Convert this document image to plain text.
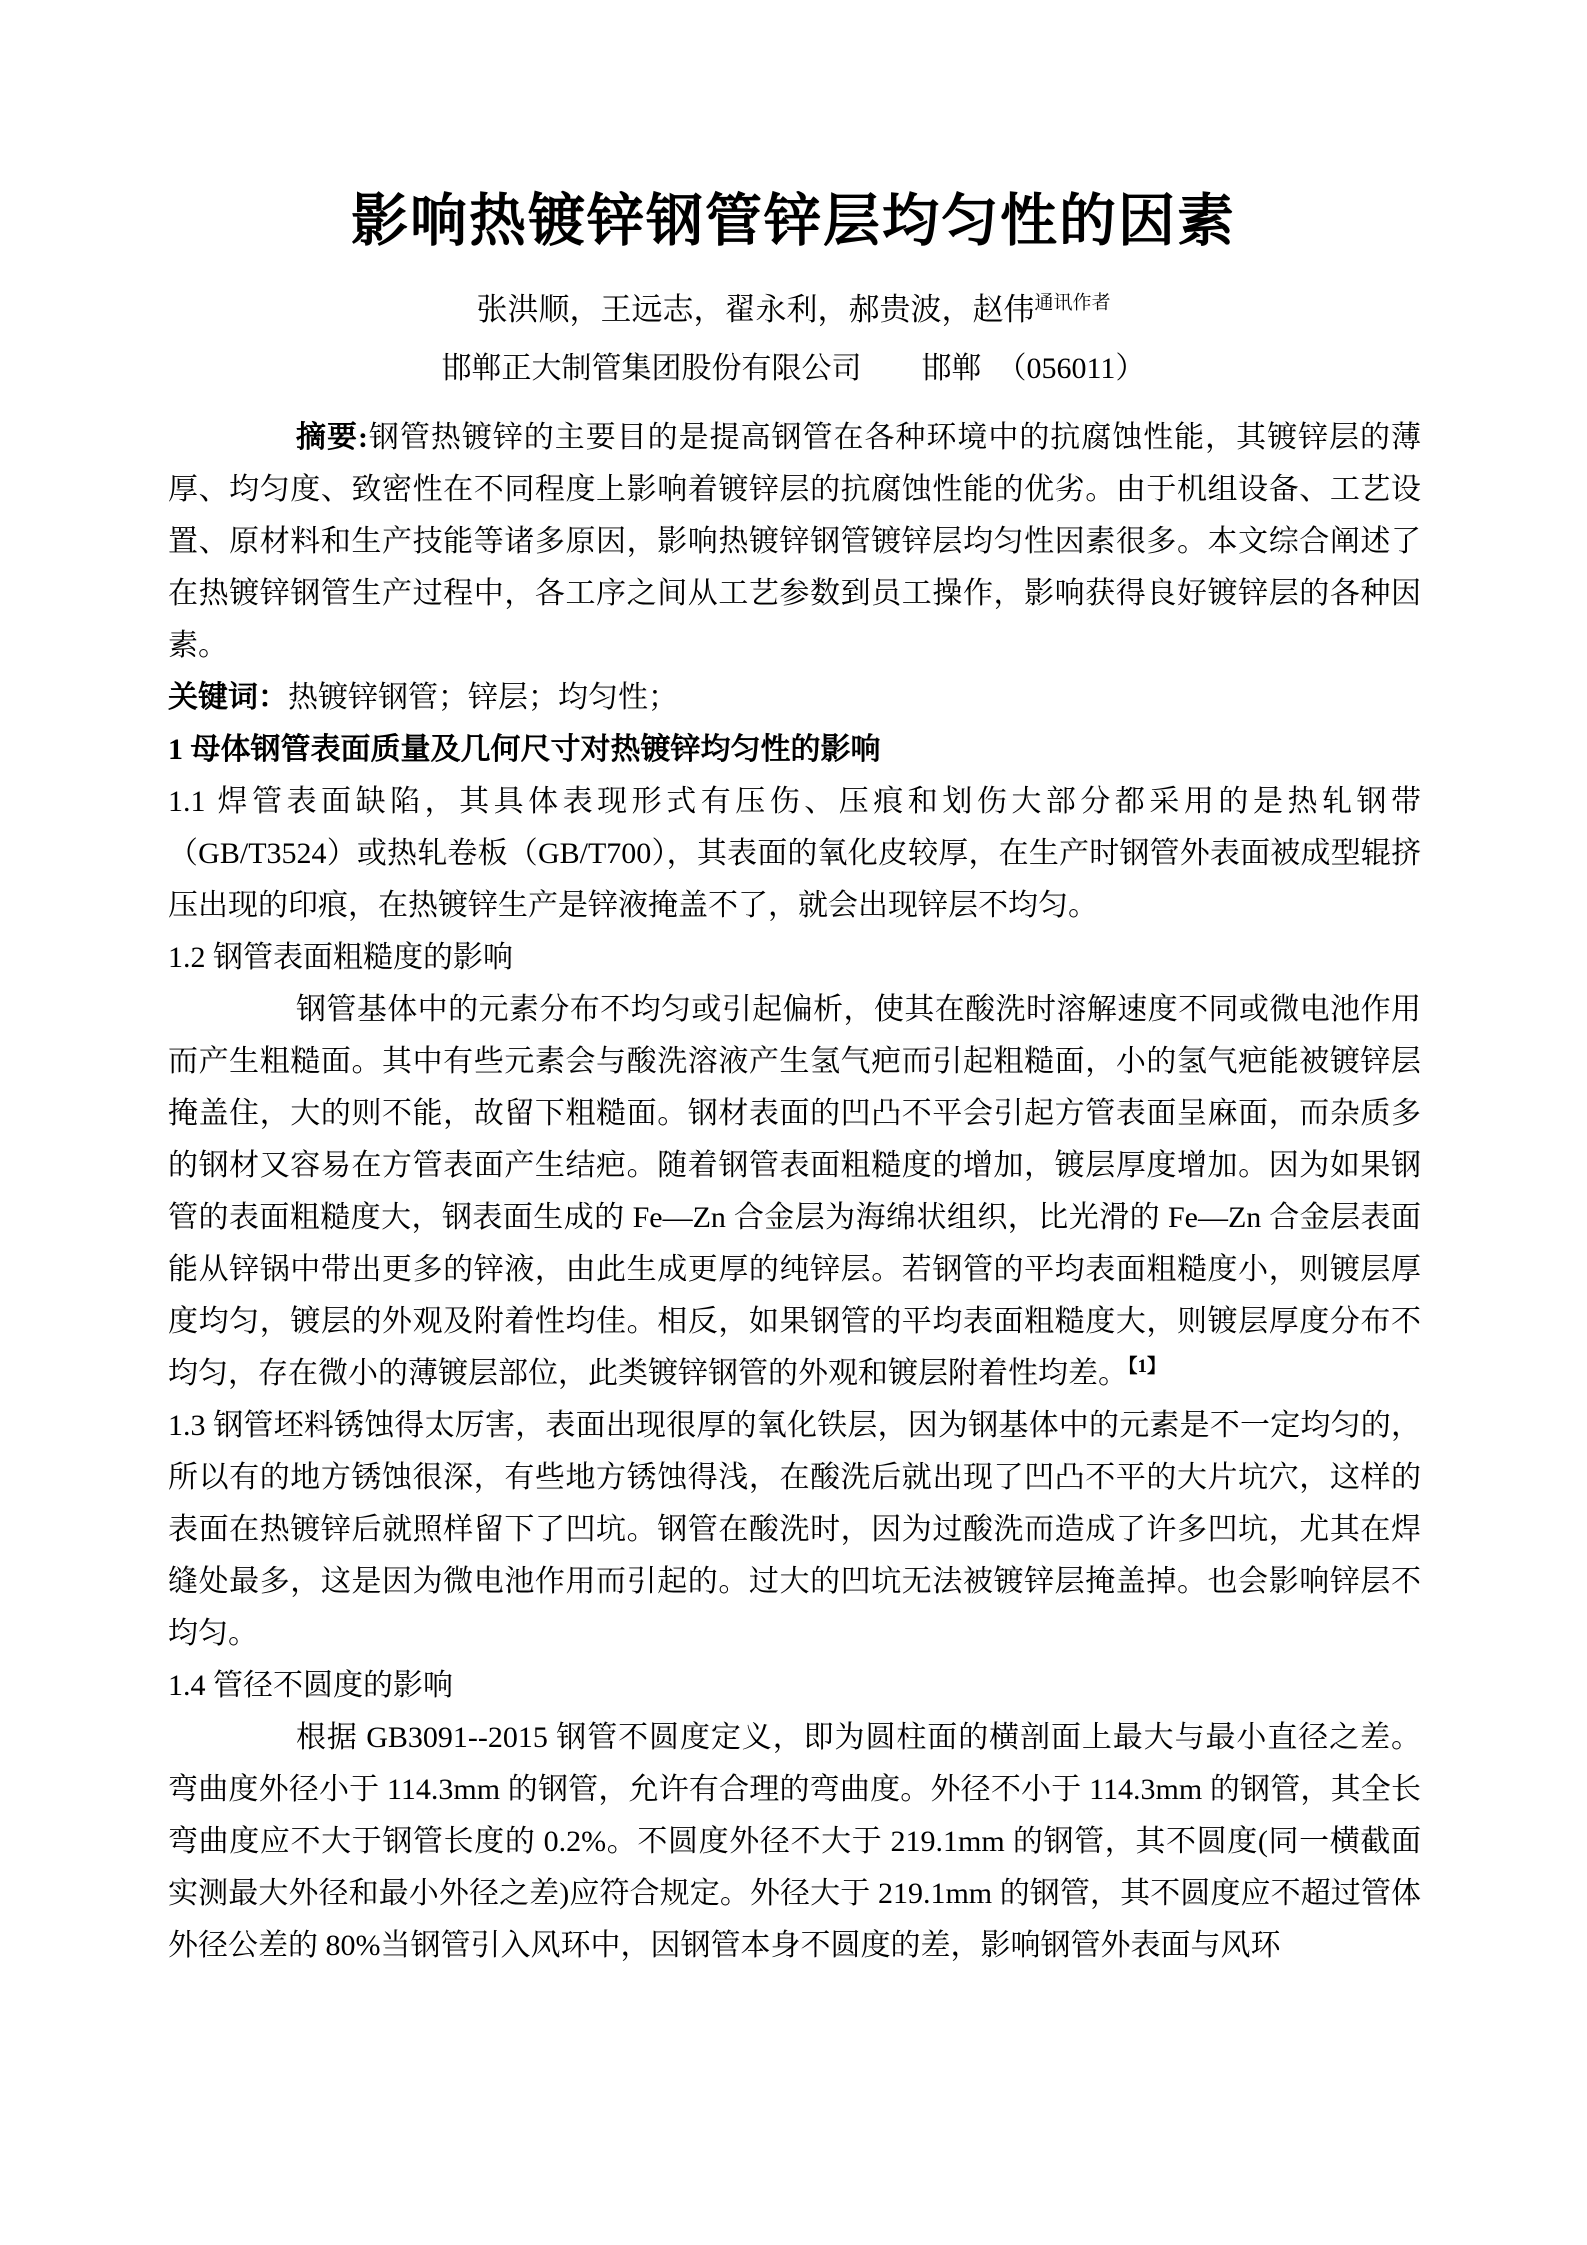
影响热镀锌钢管锌层均匀性的因素
张洪顺，王远志，翟永利，郝贵波，赵伟$^{通讯作者}$
邯郸正大制管集团股份有限公司　　邯郸　（056011）

摘要:钢管热镀锌的主要目的是提高钢管在各种环境中的抗腐蚀性能，其镀锌层的薄厚、均匀度、致密性在不同程度上影响着镀锌层的抗腐蚀性能的优劣。由于机组设备、工艺设置、原材料和生产技能等诸多原因，影响热镀锌钢管镀锌层均匀性因素很多。本文综合阐述了在热镀锌钢管生产过程中，各工序之间从工艺参数到员工操作，影响获得良好镀锌层的各种因素。

关键词：热镀锌钢管；锌层；均匀性；

1 母体钢管表面质量及几何尺寸对热镀锌均匀性的影响

1.1 焊管表面缺陷，其具体表现形式有压伤、压痕和划伤大部分都采用的是热轧钢带（GB/T3524）或热轧卷板（GB/T700），其表面的氧化皮较厚，在生产时钢管外表面被成型辊挤压出现的印痕，在热镀锌生产是锌液掩盖不了，就会出现锌层不均匀。

1.2 钢管表面粗糙度的影响

钢管基体中的元素分布不均匀或引起偏析，使其在酸洗时溶解速度不同或微电池作用而产生粗糙面。其中有些元素会与酸洗溶液产生氢气疤而引起粗糙面，小的氢气疤能被镀锌层掩盖住，大的则不能，故留下粗糙面。钢材表面的凹凸不平会引起方管表面呈麻面，而杂质多的钢材又容易在方管表面产生结疤。随着钢管表面粗糙度的增加，镀层厚度增加。因为如果钢管的表面粗糙度大，钢表面生成的 Fe—Zn 合金层为海绵状组织，比光滑的 Fe—Zn 合金层表面能从锌锅中带出更多的锌液，由此生成更厚的纯锌层。若钢管的平均表面粗糙度小，则镀层厚度均匀，镀层的外观及附着性均佳。相反，如果钢管的平均表面粗糙度大，则镀层厚度分布不均匀，存在微小的薄镀层部位，此类镀锌钢管的外观和镀层附着性均差。$^{【1】}$

1.3 钢管坯料锈蚀得太厉害，表面出现很厚的氧化铁层，因为钢基体中的元素是不一定均匀的，所以有的地方锈蚀很深，有些地方锈蚀得浅，在酸洗后就出现了凹凸不平的大片坑穴，这样的表面在热镀锌后就照样留下了凹坑。钢管在酸洗时，因为过酸洗而造成了许多凹坑，尤其在焊缝处最多，这是因为微电池作用而引起的。过大的凹坑无法被镀锌层掩盖掉。也会影响锌层不均匀。

1.4 管径不圆度的影响

根据 GB3091--2015 钢管不圆度定义，即为圆柱面的横剖面上最大与最小直径之差。弯曲度外径小于 114.3mm 的钢管，允许有合理的弯曲度。外径不小于 114.3mm 的钢管，其全长弯曲度应不大于钢管长度的 0.2%。不圆度外径不大于 219.1mm 的钢管，其不圆度(同一横截面实测最大外径和最小外径之差)应符合规定。外径大于 219.1mm 的钢管，其不圆度应不超过管体外径公差的 80%当钢管引入风环中，因钢管本身不圆度的差，影响钢管外表面与风环
